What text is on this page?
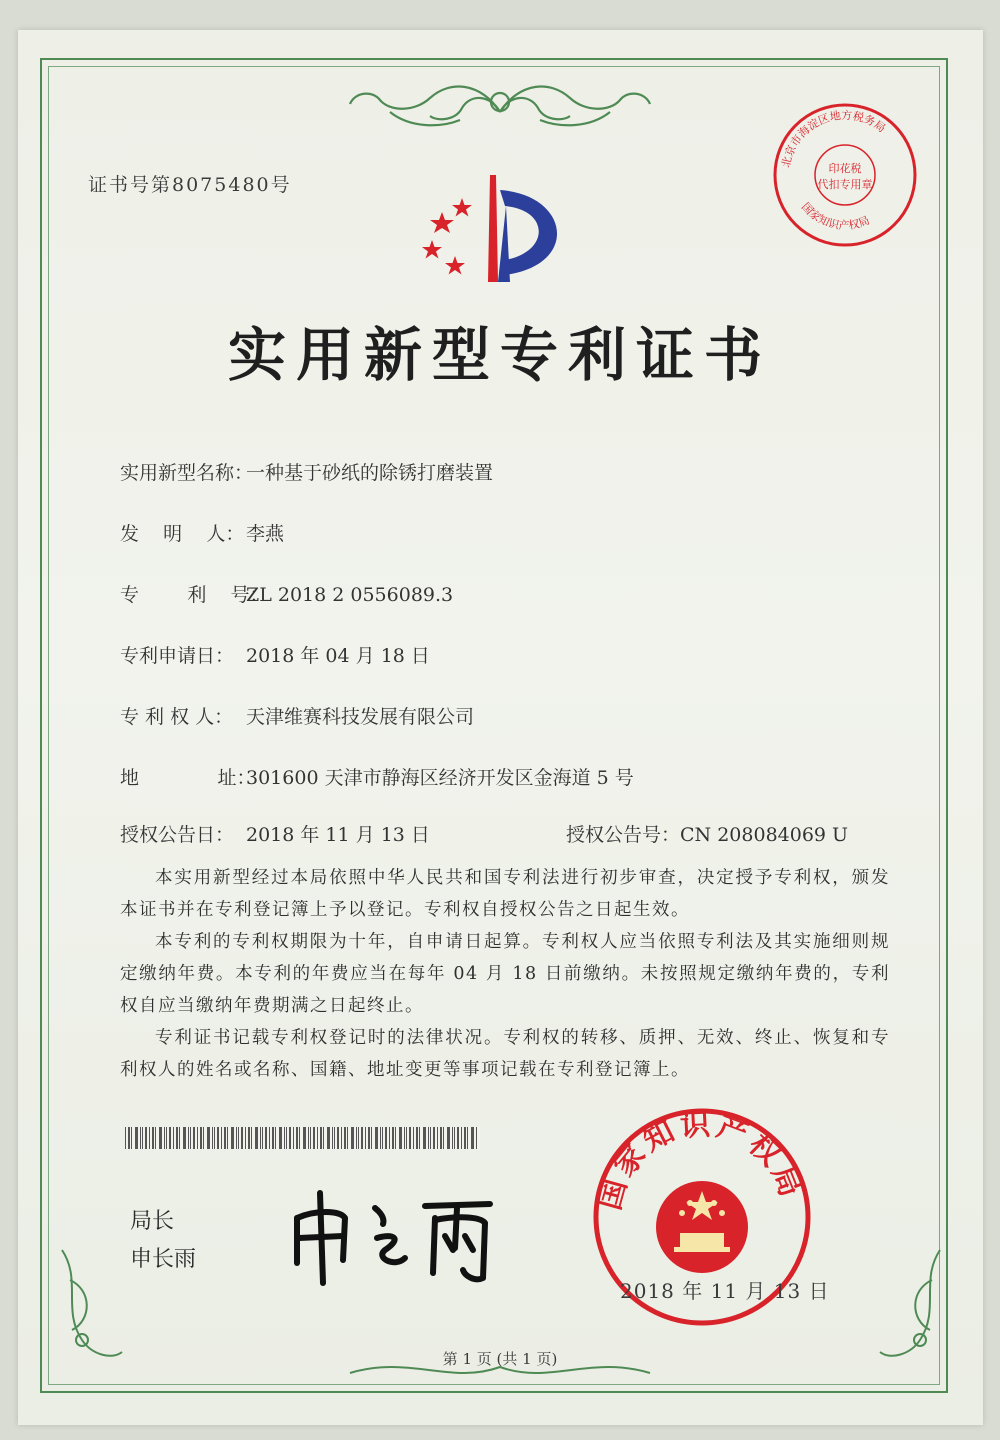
证书号第8075480号
北京市海淀区地方税务局
国家知识产权局
印花税
代扣专用章
实用新型专利证书
实用新型名称：一种基于砂纸的除锈打磨装置
发    明    人：李燕
专        利    号：ZL 2018 2 0556089.3
专利申请日： 2018 年 04 月 18 日
专 利 权 人： 天津维赛科技发展有限公司
地             址：301600 天津市静海区经济开发区金海道 5 号
授权公告日： 2018 年 11 月 13 日	授权公告号：CN 208084069 U

本实用新型经过本局依照中华人民共和国专利法进行初步审查，决定授予专利权，颁发本证书并在专利登记簿上予以登记。专利权自授权公告之日起生效。

本专利的专利权期限为十年，自申请日起算。专利权人应当依照专利法及其实施细则规定缴纳年费。本专利的年费应当在每年 04 月 18 日前缴纳。未按照规定缴纳年费的，专利权自应当缴纳年费期满之日起终止。

专利证书记载专利权登记时的法律状况。专利权的转移、质押、无效、终止、恢复和专利权人的姓名或名称、国籍、地址变更等事项记载在专利登记簿上。

局长
申长雨
国家知识产权局
2018 年 11 月 13 日
第 1 页 (共 1 页)
